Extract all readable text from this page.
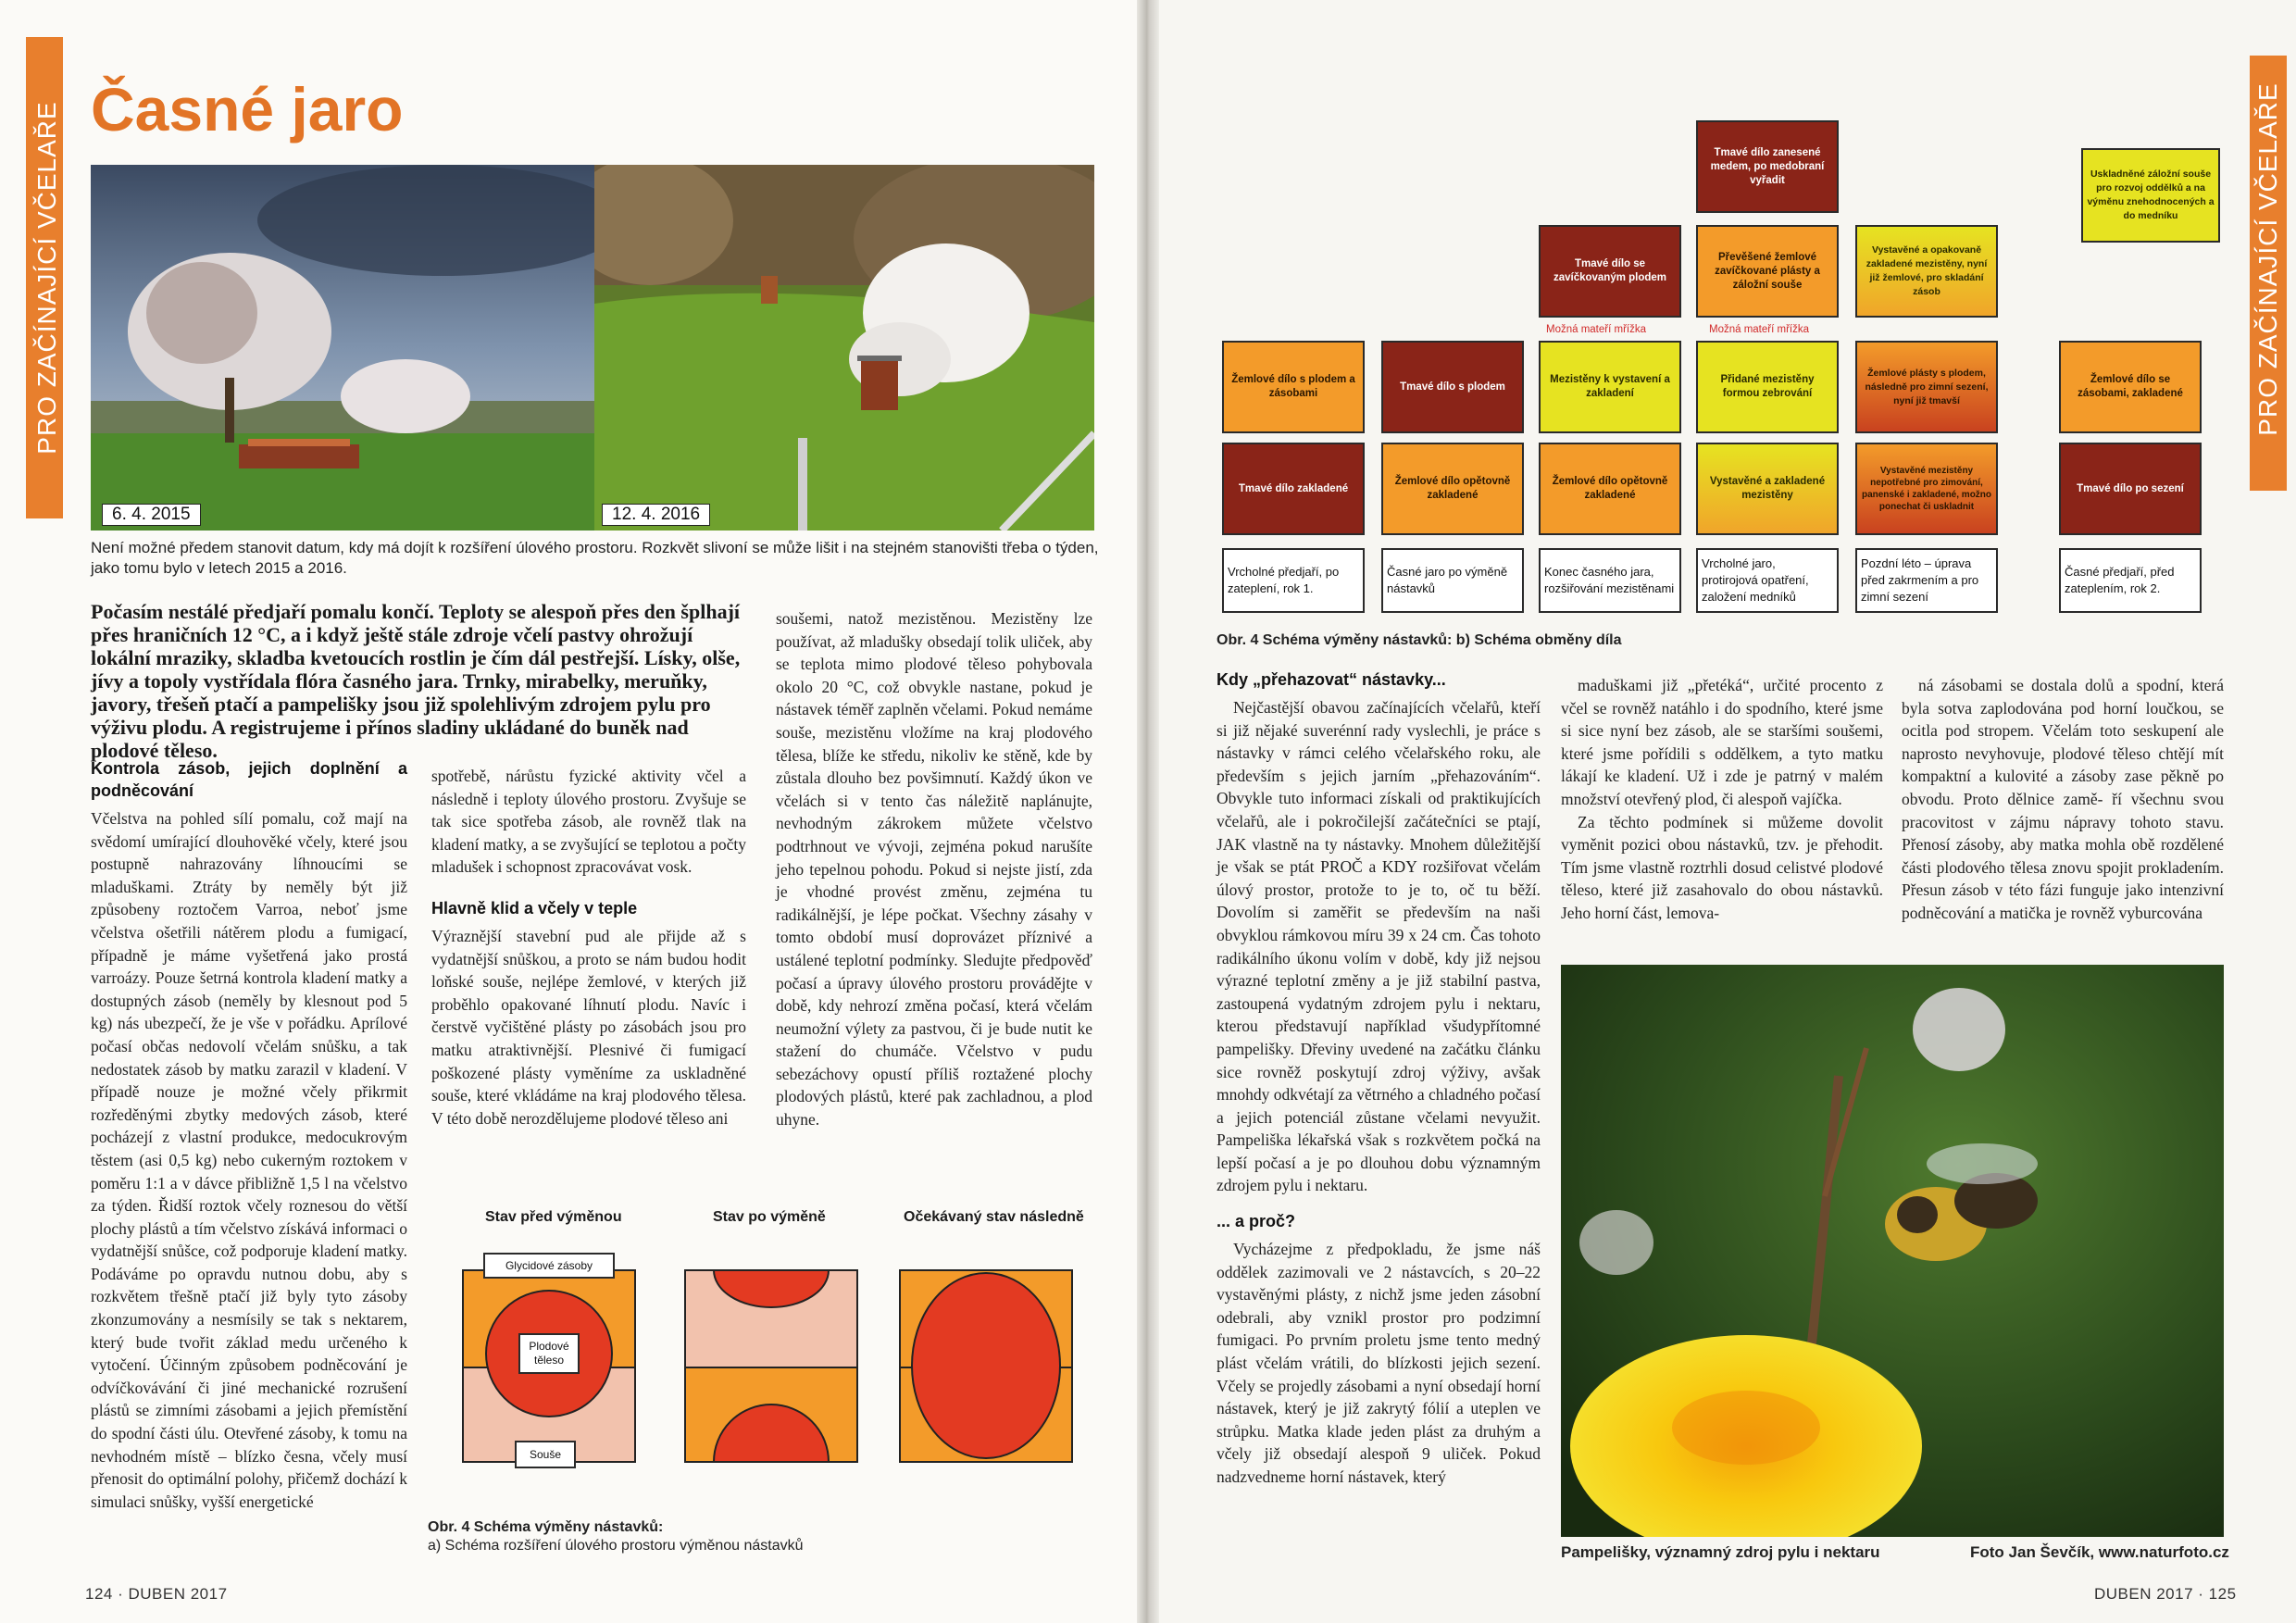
PRO ZAČÍNAJÍCÍ VČELAŘE Časné jaro
6. 4. 2015	12. 4. 2016
Není možné předem stanovit datum, kdy má dojít k rozšíření úlového prostoru. Rozkvět slivoní se může lišit i na stejném stanovišti třeba o týden, jako tomu bylo v letech 2015 a 2016.
Počasím nestálé předjaří pomalu končí. Teploty se alespoň přes den šplhají přes hraničních 12 °C, a i když ještě stále zdroje včelí pastvy ohrožují lokální mraziky, skladba kvetoucích rostlin je čím dál pestřejší. Lísky, olše, jívy a topoly vystřídala flóra časného jara. Trnky, mirabelky, meruňky, javory, třešeň ptačí a pampelišky jsou již spolehlivým zdrojem pylu pro výživu plodu. A registrujeme i přínos sladiny ukládané do buněk nad plodové těleso.
Kontrola zásob, jejich doplnění a podněcování

Včelstva na pohled sílí pomalu, což mají na svědomí umírající dlouhověké včely, které jsou postupně nahrazovány líhnoucími se mladuškami. Ztráty by neměly být již způsobeny roztočem Varroa, neboť jsme včelstva ošetřili nátěrem plodu a fumigací, případně je máme vyšetřená jako prostá varroázy. Pouze šetrná kontrola kladení matky a dostupných zásob (neměly by klesnout pod 5 kg) nás ubezpečí, že je vše v pořádku. Aprílové počasí občas nedovolí včelám snůšku, a tak nedostatek zásob by matku zarazil v kladení. V případě nouze je možné včely přikrmit rozředěnými zbytky medových zásob, které pocházejí z vlastní produkce, medocukrovým těstem (asi 0,5 kg) nebo cukerným roztokem v poměru 1:1 a v dávce přibližně 1,5 l na včelstvo za týden. Řidší roztok včely roznesou do větší plochy plástů a tím včelstvo získává informaci o vydatnější snůšce, což podporuje kladení matky. Podáváme po opravdu nutnou dobu, aby s rozkvětem třešně ptačí již byly tyto zásoby zkonzumovány a nesmísily se tak s nektarem, který bude tvořit základ medu určeného k vytočení. Účinným způsobem podněcování je odvíčkovávání či jiné mechanické rozrušení plástů se zimními zásobami a jejich přemístění do spodní části úlu. Otevřené zásoby, k tomu na nevhodném místě – blízko česna, včely musí přenosit do optimální polohy, přičemž dochází k simulaci snůšky, vyšší energetické

spotřebě, nárůstu fyzické aktivity včel a následně i teploty úlového prostoru. Zvyšuje se tak sice spotřeba zásob, ale rovněž tlak na kladení matky, a se zvyšující se teplotou a počty mladušek i schopnost zpracovávat vosk.

Hlavně klid a včely v teple

Výraznější stavební pud ale přijde až s vydatnější snůškou, a proto se nám budou hodit loňské souše, nejlépe žemlové, v kterých již proběhlo opakované líhnutí plodu. Navíc i čerstvě vyčištěné plásty po zásobách jsou pro matku atraktivnější. Plesnivé či fumigací poškozené plásty vyměníme za uskladněné souše, které vkládáme na kraj plodového tělesa. V této době nerozdělujeme plodové těleso ani

soušemi, natož mezistěnou. Mezistěny lze používat, až mladušky obsedají tolik uliček, aby se teplota mimo plodové těleso pohybovala okolo 20 °C, což obvykle nastane, pokud je nástavek téměř zaplněn včelami. Pokud nemáme souše, mezistěnu vložíme na kraj plodového tělesa, blíže ke středu, nikoliv ke stěně, kde by zůstala dlouho bez povšimnutí. Každý úkon ve včelách si v tento čas náležitě naplánujte, nevhodným zákrokem můžete včelstvo podtrhnout ve vývoji, zejména pokud narušíte jeho tepelnou pohodu. Pokud si nejste jistí, zda je vhodné provést změnu, zejména tu radikálnější, je lépe počkat. Všechny zásahy v tomto období musí doprovázet příznivé a ustálené teplotní podmínky. Sledujte předpověď počasí a úpravy úlového prostoru provádějte v době, kdy nehrozí změna počasí, která včelám neumožní výlety za pastvou, či je bude nutit ke stažení do chumáče. Včelstvo v pudu sebezáchovy opustí příliš roztažené plochy plodových plástů, které pak zachladnou, a plod uhyne.

Stav před výměnou	Stav po výměně	Očekávaný stav následně
Glycidové zásoby
Plodové těleso
Souše
Obr. 4 Schéma výměny nástavků:
a) Schéma rozšíření úlového prostoru výměnou nástavků
124 · DUBEN 2017
PRO ZAČÍNAJÍCÍ VČELAŘE
Tmavé dílo zanesené medem, po medobraní vyřadit
Uskladněné záložní souše pro rozvoj oddělků a na výměnu znehodnocených a do medníku
Tmavé dílo se zavíčkovaným plodem
Převěšené žemlové zavíčkované plásty a záložní souše
Vystavěné a opakovaně zakladené mezistěny, nyní již žemlové, pro skladání zásob
Možná mateří mřížka	Možná mateří mřížka
Žemlové dílo s plodem a zásobami
Tmavé dílo s plodem
Mezistěny k vystavení a zakladení
Přidané mezistěny formou zebrování
Žemlové plásty s plodem, následně pro zimní sezení, nyní již tmavší
Žemlové dílo se zásobami, zakladené
Tmavé dílo zakladené
Žemlové dílo opětovně zakladené
Žemlové dílo opětovně zakladené
Vystavěné a zakladené mezistěny
Vystavěné mezistěny nepotřebné pro zimování, panenské i zakladené, možno ponechat či uskladnit
Tmavé dílo po sezení
Vrcholné předjaří, po zateplení, rok 1.
Časné jaro po výměně nástavků
Konec časného jara, rozšiřování mezistěnami
Vrcholné jaro, protirojová opatření, založení medníků
Pozdní léto – úprava před zakrmením a pro zimní sezení
Časné předjaří, před zateplením, rok 2.
Obr. 4 Schéma výměny nástavků: b) Schéma obměny díla
Kdy „přehazovat“ nástavky...

Nejčastější obavou začínajících včelařů, kteří si již nějaké suverénní rady vyslechli, je práce s nástavky v rámci celého včelařského roku, ale především s jejich jarním „přehazováním“. Obvykle tuto informaci získali od praktikujících včelařů, ale i pokročilejší začátečníci se ptají, JAK vlastně na ty nástavky. Mnohem důležitější je však se ptát PROČ a KDY rozšiřovat včelám úlový prostor, protože to je to, oč tu běží. Dovolím si zaměřit se především na naši obvyklou rámkovou míru 39 x 24 cm. Čas tohoto radikálního úkonu volím v době, kdy již nejsou výrazné teplotní změny a je již stabilní pastva, zastoupená vydatným zdrojem pylu i nektaru, kterou představují například všudypřítomné pampelišky. Dřeviny uvedené na začátku článku sice rovněž poskytují zdroj výživy, avšak mnohdy odkvétají za větrného a chladného počasí a jejich potenciál zůstane včelami nevyužit. Pampeliška lékařská však s rozkvětem počká na lepší počasí a je po dlouhou dobu významným zdrojem pylu i nektaru.

... a proč?

Vycházejme z předpokladu, že jsme náš oddělek zazimovali ve 2 nástavcích, s 20–22 vystavěnými plásty, z nichž jsme jeden zásobní odebrali, aby vznikl prostor pro podzimní fumigaci. Po prvním proletu jsme tento medný plást včelám vrátili, do blízkosti jejich sezení. Včely se projedly zásobami a nyní obsedají horní nástavek, který je již zakrytý fólií a uteplen ve strůpku. Matka klade jeden plást za druhým a včely již obsedají alespoň 9 uliček. Pokud nadzvedneme horní nástavek, který

maduškami již „přetéká“, určité procento z včel se rovněž natáhlo i do spodního, které jsme si sice nyní bez zásob, ale se staršími soušemi, které jsme pořídili s oddělkem, a tyto matku lákají ke kladení. Už i zde je patrný v malém množství otevřený plod, či alespoň vajíčka.

Za těchto podmínek si můžeme dovolit vyměnit pozici obou nástavků, tzv. je přehodit. Tím jsme vlastně roztrhli dosud celistvé plodové těleso, které již zasahovalo do obou nástavků. Jeho horní část, lemova-

ná zásobami se dostala dolů a spodní, která byla sotva zaplodována pod horní loučkou, se ocitla pod stropem. Včelám toto seskupení ale naprosto nevyhovuje, plodové těleso chtějí mít kompaktní a kulovité a zásoby zase pěkně po obvodu. Proto dělnice zamě- ří všechnu svou pracovitost v zájmu nápravy tohoto stavu. Přenosí zásoby, aby matka mohla obě rozdělené části plodového tělesa znovu spojit prokladením. Přesun zásob v této fázi funguje jako intenzivní podněcování a matička je rovněž vyburcována

Pampelišky, významný zdroj pylu i nektaru	Foto Jan Ševčík, www.naturfoto.cz
DUBEN 2017 · 125
